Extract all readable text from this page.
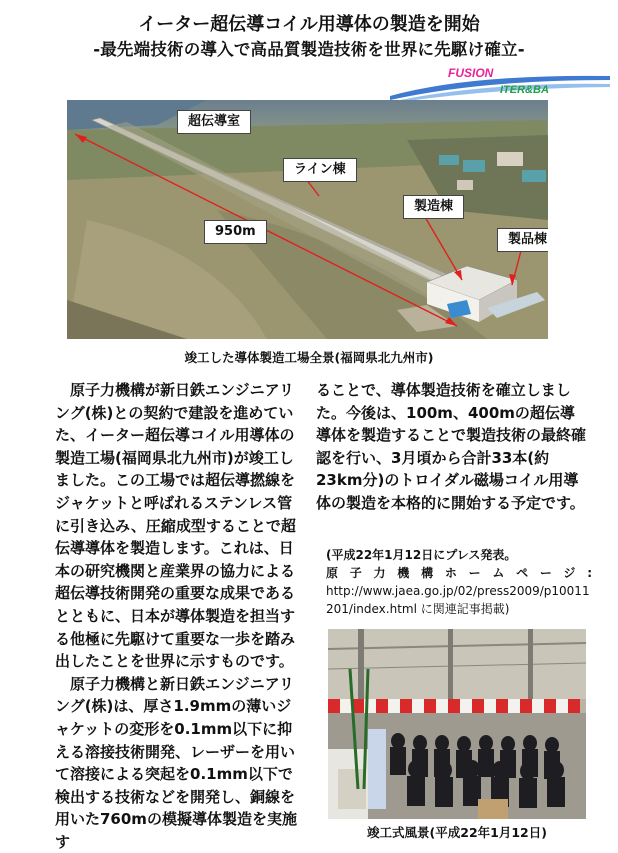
イーター超伝導コイル用導体の製造を開始
-最先端技術の導入で高品質製造技術を世界に先駆け確立-
FUSION
ITER&BA
超伝導室
ライン棟
製造棟
製品棟
950m
竣工した導体製造工場全景(福岡県北九州市)

原子力機構が新日鉄エンジニアリング(株)との契約で建設を進めていた、イーター超伝導コイル用導体の製造工場(福岡県北九州市)が竣工しました。この工場では超伝導撚線をジャケットと呼ばれるステンレス管に引き込み、圧縮成型することで超伝導導体を製造します。これは、日本の研究機関と産業界の協力による超伝導技術開発の重要な成果であるとともに、日本が導体製造を担当する他極に先駆けて重要な一歩を踏み出したことを世界に示すものです。

原子力機構と新日鉄エンジニアリング(株)は、厚さ1.9mmの薄いジャケットの変形を0.1mm以下に抑える溶接技術開発、レーザーを用いて溶接による突起を0.1mm以下で検出する技術などを開発し、銅線を用いた760mの模擬導体製造を実施す

ることで、導体製造技術を確立しました。今後は、100m、400mの超伝導導体を製造することで製造技術の最終確認を行い、3月頃から合計33本(約23km分)のトロイダル磁場コイル用導体の製造を本格的に開始する予定です。

(平成22年1月12日にプレス発表。

原子力機構ホームページ:

http://www.jaea.go.jp/02/press2009/p10011201/index.html に関連記事掲載)

竣工式風景(平成22年1月12日)
